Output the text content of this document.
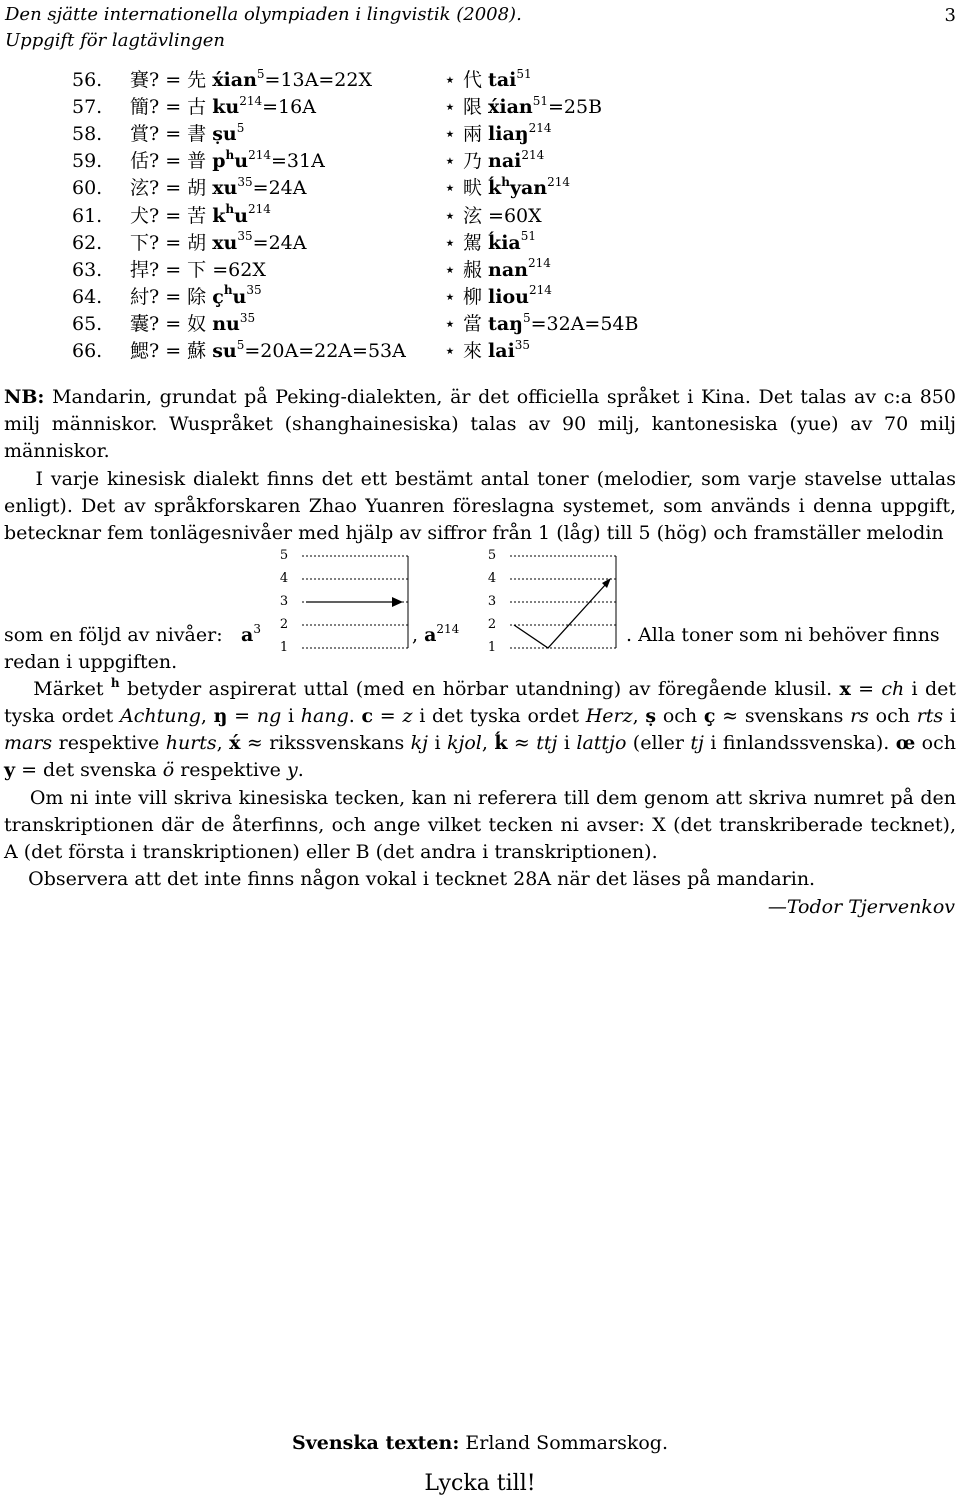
Den sjätte internationella olympiaden i lingvistik (2008).
Uppgift för lagtävlingen
3
56. 賽? = 先 x́ian$^5$=13A=22X	⋆ 代 tai$^{51}$
57. 簡? = 古 $ku^{214}=16A$	⋆ 限 x́ian$^{51}$=25B
58. 賞? = 書 ṣu$^5$	⋆ 兩 liaŋ$^{214}$
59. 佸? = 普 $p^hu^{214}=31A$	⋆ 乃 nai$^{214}$
60. 泫? = 胡 $xu^{35}=24A$	⋆ 畎 ḱ$^h$yan$^{214}$
61. 犬? = 苦 $k^hu^{214}$	⋆ 泫 =60X
62. 下? = 胡 $xu^{35}=24A$	⋆ 駕 ḱia$^{51}$
63. 捍? = 下 =62X	⋆ 赧 nan$^{214}$
64. 紂? = 除 $ç^hu^{35}$	⋆ 柳 liou$^{214}$
65. 囊? = 奴 $nu^{35}$	⋆ 當 taŋ$^5$=32A=54B
66. 鰓? = 蘇 $su^5=20A=22A=53A$ ⋆ 來 lai$^{35}$
NB: Mandarin, grundat på Peking-dialekten, är det officiella språket i Kina. Det talas av c:a 850 milj människor. Wuspråket (shanghainesiska) talas av 90 milj, kantonesiska (yue) av 70 milj människor.
I varje kinesisk dialekt finns det ett bestämt antal toner (melodier, som varje stavelse uttalas enligt). Det av språkforskaren Zhao Yuanren föreslagna systemet, som används i denna uppgift, betecknar fem tonlägesnivåer med hjälp av siffror från 1 (låg) till 5 (hög) och framställer melodin
som en följd av nivåer: $a^3$
5
4
3
2
1
, $a^{214}$
5
4
3
2
1
. Alla toner som ni behöver finns
redan i uppgiften.
Märket $^h$ betyder aspirerat uttal (med en hörbar utandning) av föregående klusil. x = ch i det tyska ordet Achtung, ŋ = ng i hang. c = z i det tyska ordet Herz, ṣ och ç ≈ svenskans rs och rts i mars respektive hurts, x́ ≈ rikssvenskans kj i kjol, ḱ ≈ ttj i lattjo (eller tj i finlandssvenska). œ och y = det svenska ö respektive y.
Om ni inte vill skriva kinesiska tecken, kan ni referera till dem genom att skriva numret på den transkriptionen där de återfinns, och ange vilket tecken ni avser: X (det transkriberade tecknet), A (det första i transkriptionen) eller B (det andra i transkriptionen).
Observera att det inte finns någon vokal i tecknet 28A när det läses på mandarin.
—Todor Tjervenkov
Svenska texten: Erland Sommarskog.
Lycka till!
